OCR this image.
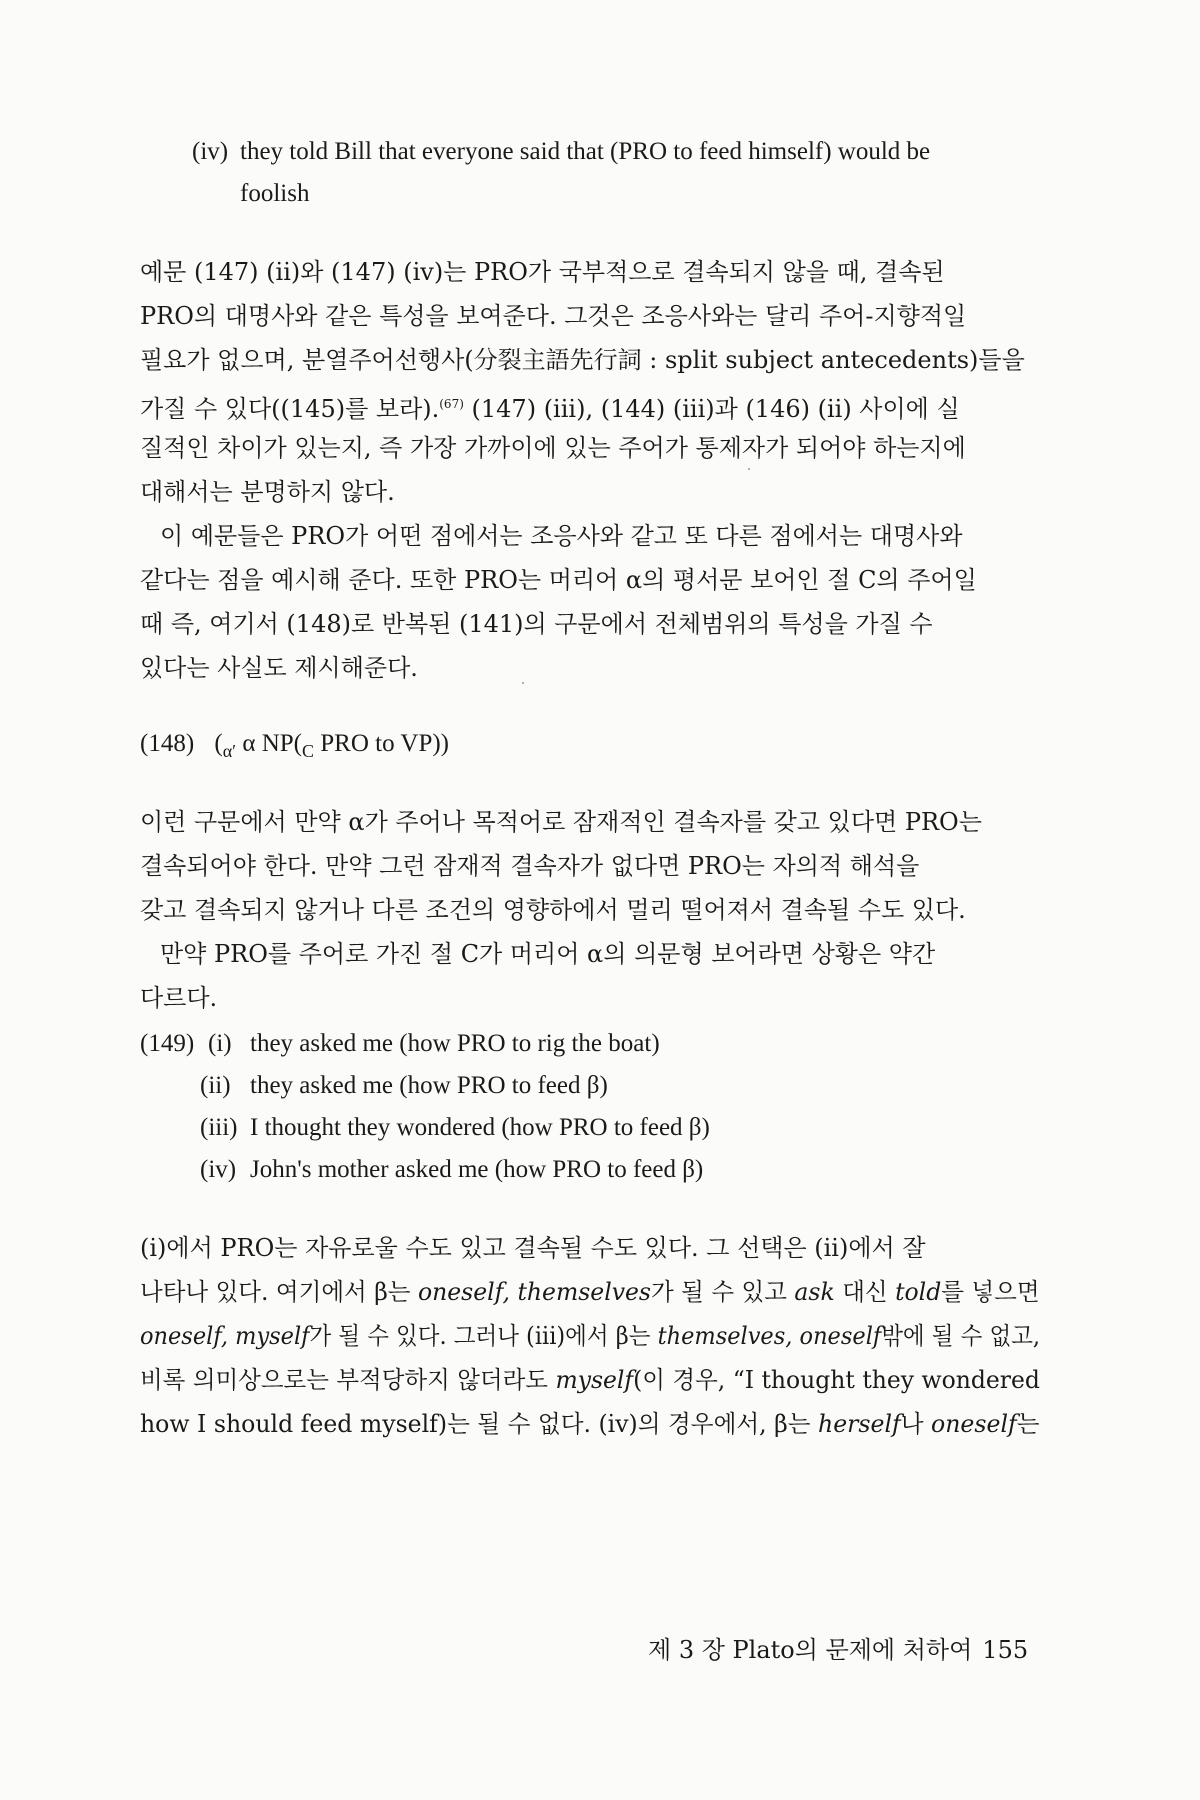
(iv) they told Bill that everyone said that (PRO to feed himself) would be
foolish
예문 (147) (ii)와 (147) (iv)는 PRO가 국부적으로 결속되지 않을 때, 결속된
PRO의 대명사와 같은 특성을 보여준다. 그것은 조응사와는 달리 주어-지향적일
필요가 없으며, 분열주어선행사(分裂主語先行詞 : split subject antecedents)들을
가질 수 있다((145)를 보라).$^{(67)}$ (147) (iii), (144) (iii)과 (146) (ii) 사이에 실
질적인 차이가 있는지, 즉 가장 가까이에 있는 주어가 통제자가 되어야 하는지에
대해서는 분명하지 않다.
이 예문들은 PRO가 어떤 점에서는 조응사와 같고 또 다른 점에서는 대명사와
같다는 점을 예시해 준다. 또한 PRO는 머리어 α의 평서문 보어인 절 C의 주어일
때 즉, 여기서 (148)로 반복된 (141)의 구문에서 전체범위의 특성을 가질 수
있다는 사실도 제시해준다.
(148) ($_{\alpha'}$ α $NP(_C$ PRO to VP))
이런 구문에서 만약 α가 주어나 목적어로 잠재적인 결속자를 갖고 있다면 PRO는
결속되어야 한다. 만약 그런 잠재적 결속자가 없다면 PRO는 자의적 해석을
갖고 결속되지 않거나 다른 조건의 영향하에서 멀리 떨어져서 결속될 수도 있다.
만약 PRO를 주어로 가진 절 C가 머리어 α의 의문형 보어라면 상황은 약간
다르다.
(149) (i) they asked me (how PRO to rig the boat)
(ii) they asked me (how PRO to feed β)
(iii) I thought they wondered (how PRO to feed β)
(iv) John's mother asked me (how PRO to feed β)
(i)에서 PRO는 자유로울 수도 있고 결속될 수도 있다. 그 선택은 (ii)에서 잘
나타나 있다. 여기에서 β는 oneself, themselves가 될 수 있고 ask 대신 told를 넣으면
oneself, myself가 될 수 있다. 그러나 (iii)에서 β는 themselves, oneself밖에 될 수 없고,
비록 의미상으로는 부적당하지 않더라도 myself(이 경우, “I thought they wondered
how I should feed myself)는 될 수 없다. (iv)의 경우에서, β는 herself나 oneself는
제 3 장 Plato의 문제에 처하여 155
